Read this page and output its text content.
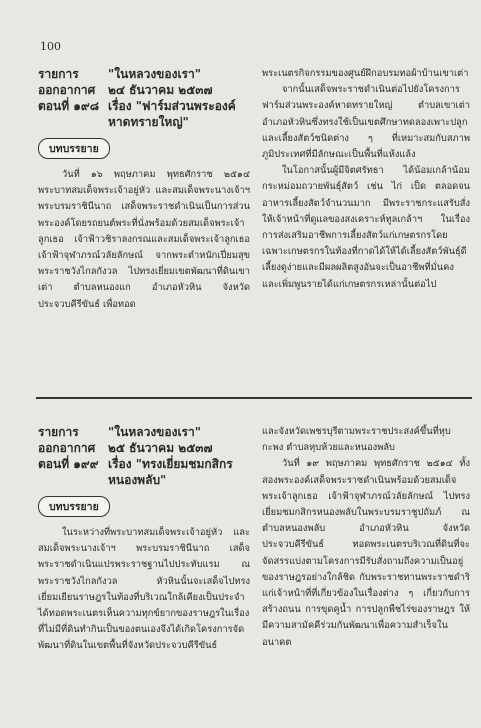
100
รายการ	"ในหลวงของเรา"
ออกอากาศ	๒๔ ธันวาคม ๒๕๓๗
ตอนที่ ๑๙๘ เรื่อง "ฟาร์มส่วนพระองค์หาดทรายใหญ่"
บทบรรยาย

วันที่ ๑๖ พฤษภาคม พุทธศักราช ๒๕๑๔ พระบาทสมเด็จพระเจ้าอยู่หัว และสมเด็จพระนางเจ้าฯ พระบรมราชินีนาถ เสด็จพระราชดำเนินเป็นการส่วนพระองค์โดยรถยนต์พระที่นั่งพร้อมด้วยสมเด็จพระเจ้าลูกเธอ เจ้าฟ้าวชิราลงกรณและสมเด็จพระเจ้าลูกเธอ เจ้าฟ้าจุฬาภรณ์วลัยลักษณ์ จากพระตำหนักเปี่ยมสุขพระราชวังไกลกังวล ไปทรงเยี่ยมเขตพัฒนาที่ดินเขาเต่า ตำบลหนองแก อำเภอหัวหิน จังหวัดประจวบคีรีขันธ์ เพื่อทอด

พระเนตรกิจกรรมของศูนย์ฝึกอบรมทอผ้าบ้านเขาเต่า

จากนั้นเสด็จพระราชดำเนินต่อไปยังโครงการฟาร์มส่วนพระองค์หาดทรายใหญ่ ตำบลเขาเต่า อำเภอหัวหินซึ่งทรงใช้เป็นเขตศึกษาทดลองเพาะปลูกและเลี้ยงสัตว์ชนิดต่าง ๆ ที่เหมาะสมกับสภาพภูมิประเทศที่มีลักษณะเป็นพื้นที่แห้งแล้ง

ในโอกาสนั้นผู้มีจิตศรัทธา ได้น้อมเกล้าน้อมกระหม่อมถวายพันธุ์สัตว์ เช่น ไก่ เป็ด ตลอดจนอาหารเลี้ยงสัตว์จำนวนมาก มีพระราชกระแสรับสั่งให้เจ้าหน้าที่ดูแลของสงเคราะห์ทูลเกล้าฯ ในเรื่องการส่งเสริมอาชีพการเลี้ยงสัตว์แก่เกษตรกรโดยเฉพาะเกษตรกรในท้องที่กาดได้ให้ได้เลี้ยงสัตว์พันธุ์ดีเลี้ยงดูง่ายและมีผลผลิตสูงอันจะเป็นอาชีพที่มั่นคงและเพิ่มพูนรายได้แก่เกษตรกรเหล่านั้นต่อไป

รายการ	"ในหลวงของเรา"
ออกอากาศ	๒๕ ธันวาคม ๒๕๓๗
ตอนที่ ๑๙๙ เรื่อง "ทรงเยี่ยมชมกสิกรหนองพลับ"
บทบรรยาย

ในระหว่างที่พระบาทสมเด็จพระเจ้าอยู่หัว และสมเด็จพระนางเจ้าฯ พระบรมราชินีนาถ เสด็จพระราชดำเนินแปรพระราชฐานไปประทับแรม ณ พระราชวังไกลกังวล หัวหินนั้นจะเสด็จไปทรงเยี่ยมเยียนราษฎรในท้องที่บริเวณใกล้เคียงเป็นประจำ ได้ทอดพระเนตรเห็นความทุกข์ยากของราษฎรในเรื่องที่ไม่มีที่ดินทำกินเป็นของตนเองจึงได้เกิดโครงการจัดพัฒนาที่ดินในเขตพื้นที่จังหวัดประจวบคีรีขันธ์

และจังหวัดเพชรบุรีตามพระราชประสงค์ขึ้นที่หุบกะพง ตำบลหุบห้วยและหนองพลับ

วันที่ ๑๙ พฤษภาคม พุทธศักราช ๒๕๑๔ ทั้งสองพระองค์เสด็จพระราชดำเนินพร้อมด้วยสมเด็จพระเจ้าลูกเธอ เจ้าฟ้าจุฬาภรณ์วลัยลักษณ์ ไปทรงเยี่ยมชมกสิกรหนองพลับในพระบรมราชูปถัมภ์ ณ ตำบลหนองพลับ อำเภอหัวหิน จังหวัดประจวบคีรีขันธ์ ทอดพระเนตรบริเวณที่ดินที่จะจัดสรรแบ่งตามโครงการมีรับสั่งถามถึงความเป็นอยู่ของราษฎรอย่างใกล้ชิด กับพระราชทานพระราชดำริแก่เจ้าหน้าที่ที่เกี่ยวข้องในเรื่องต่าง ๆ เกี่ยวกับการสร้างถนน การขุดคูน้ำ การปลูกพืชไร่ของราษฎร ให้มีความสามัคคีร่วมกันพัฒนาเพื่อความสำเร็จในอนาคต
